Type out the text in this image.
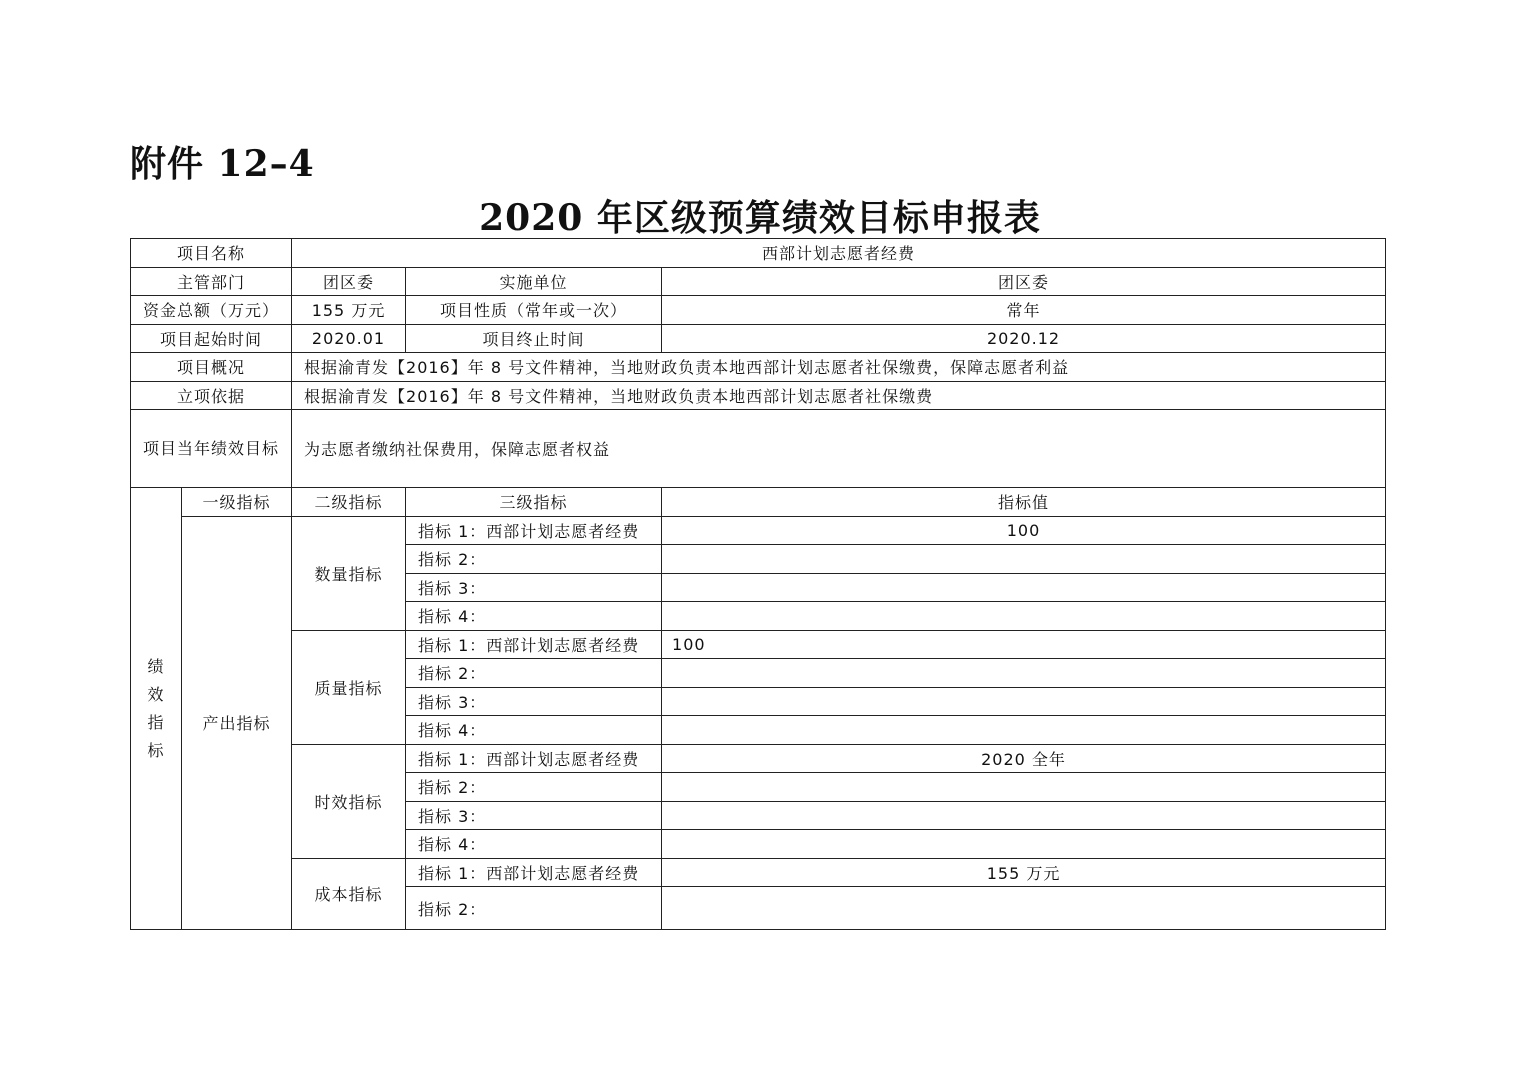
附件 12–4
2020 年区级预算绩效目标申报表
项目名称		西部计划志愿者经费		
主管部门		团区委	实施单位	团区委
资金总额（万元）		155 万元	项目性质（常年或一次）	常年
项目起始时间		2020.01	项目终止时间	2020.12
项目概况		根据渝青发【2016】年 8 号文件精神，当地财政负责本地西部计划志愿者社保缴费，保障志愿者利益		
立项依据		根据渝青发【2016】年 8 号文件精神，当地财政负责本地西部计划志愿者社保缴费		
项目当年绩效目标		为志愿者缴纳社保费用，保障志愿者权益		

绩
效
指
标	一级指标	二级指标	三级指标	指标值
	产出指标	数量指标	指标 1：西部计划志愿者经费	100
			指标 2：	
			指标 3：	
			指标 4：	
		质量指标	指标 1：西部计划志愿者经费	100
			指标 2：	
			指标 3：	
			指标 4：	
		时效指标	指标 1：西部计划志愿者经费	2020 全年
			指标 2：	
			指标 3：	
			指标 4：	
		成本指标	指标 1：西部计划志愿者经费	155 万元
			指标 2：	
